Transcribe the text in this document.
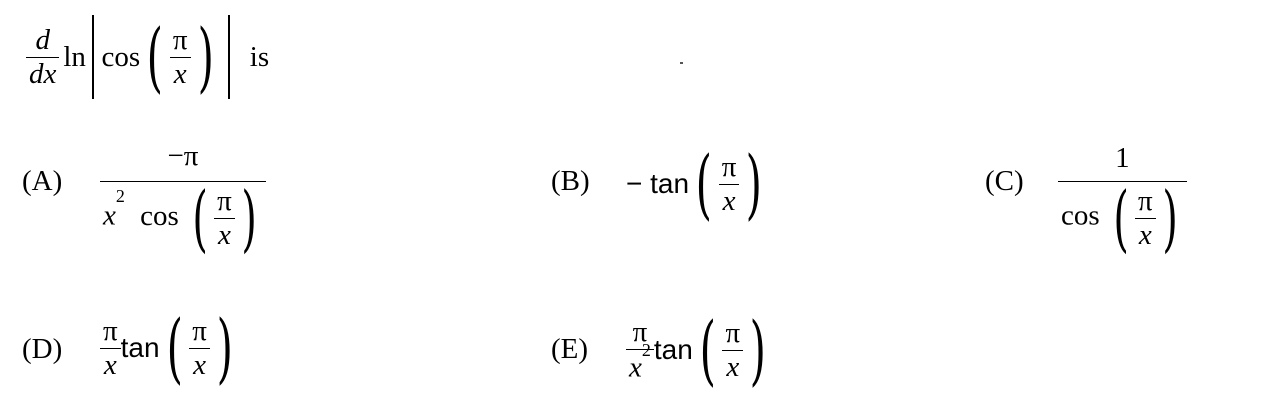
$\frac{d}{dx}$ ln cos ( $\frac{\pi}{x}$ ) is
(A)
−π
$x^2$ cos ( $\frac{\pi}{x}$ )	(B) − tan ( $\frac{\pi}{x}$ )	(C)
1
cos ( $\frac{\pi}{x}$ )
$(D) \frac{\pi}{x}$ tan ( $\frac{\pi}{x}$ )	$(E) \frac{\pi}{x^2}$ tan ( $\frac{\pi}{x}$ )
